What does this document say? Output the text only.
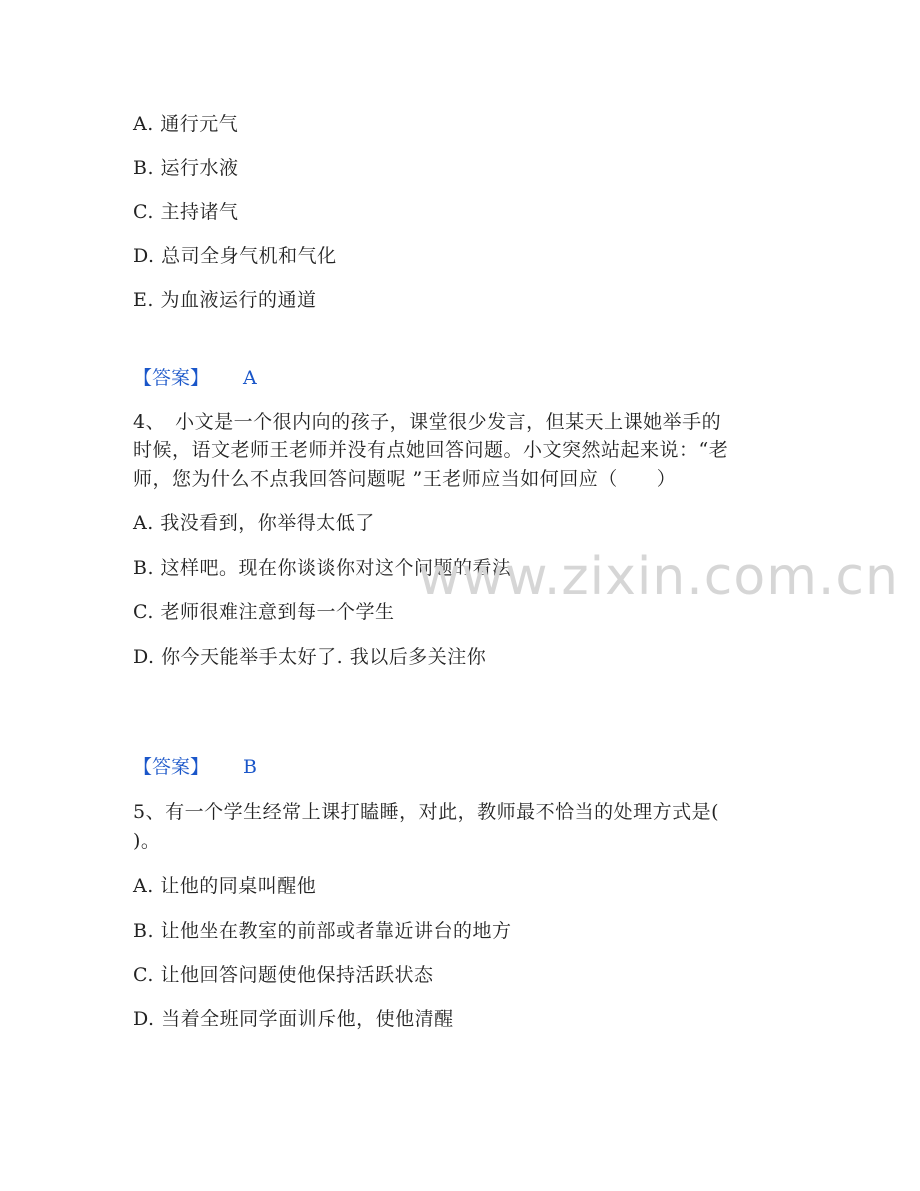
A. 通行元气
B. 运行水液
C. 主持诸气
D. 总司全身气机和气化
E. 为血液运行的通道
【答案】 A
4、　小文是一个很内向的孩子，课堂很少发言，但某天上课她举手的
时候，语文老师王老师并没有点她回答问题。小文突然站起来说：“老
师，您为什么不点我回答问题呢 ”王老师应当如何回应（　　）
A. 我没看到，你举得太低了
B. 这样吧。现在你谈谈你对这个问题的看法
C. 老师很难注意到每一个学生
D. 你今天能举手太好了. 我以后多关注你
【答案】 B
5、有一个学生经常上课打瞌睡，对此，教师最不恰当的处理方式是(
)。
A. 让他的同桌叫醒他
B. 让他坐在教室的前部或者靠近讲台的地方
C. 让他回答问题使他保持活跃状态
D. 当着全班同学面训斥他，使他清醒
www.zixin.com.cn
